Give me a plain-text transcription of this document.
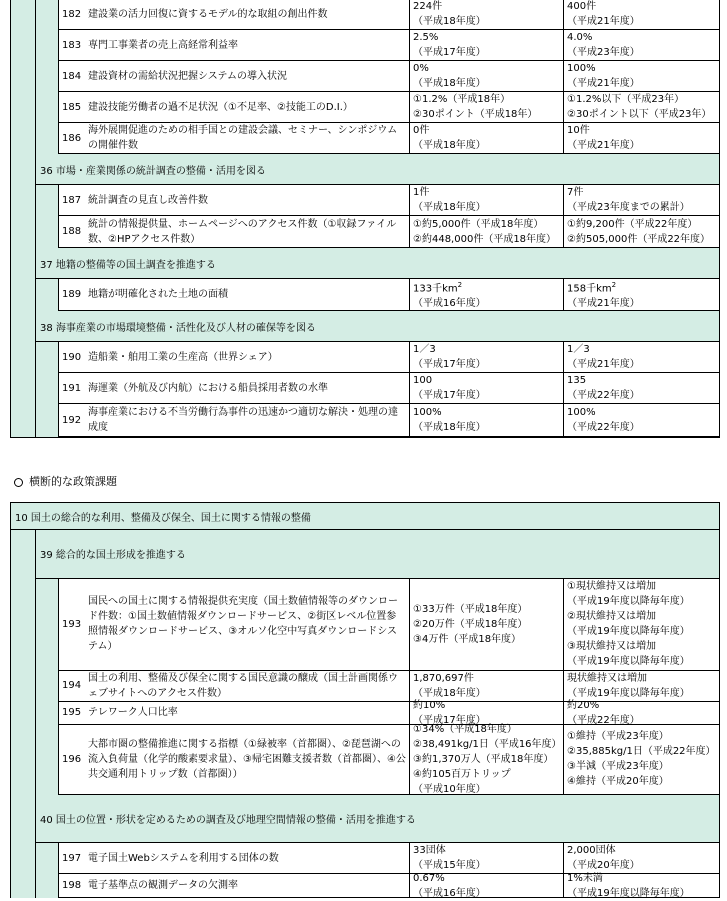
182 建設業の活力回復に資するモデル的な取組の創出件数
224件
（平成18年度）
400件
（平成21年度）
183 専門工事業者の売上高経常利益率
2.5%
（平成17年度）
4.0%
（平成23年度）
184 建設資材の需給状況把握システムの導入状況
0%
（平成18年度）
100%
（平成21年度）
185 建設技能労働者の過不足状況（①不足率、②技能工のD.I.）
①1.2%（平成18年）
②30ポイント（平成18年）
①1.2%以下（平成23年）
②30ポイント以下（平成23年）
186
海外展開促進のための相手国との建設会議、セミナー、シンポジウムの開催件数
0件
（平成18年度）
10件
（平成21年度）
36 市場・産業関係の統計調査の整備・活用を図る
187 統計調査の見直し改善件数
1件
（平成18年度）
7件
（平成23年度までの累計）
188
統計の情報提供量、ホームページへのアクセス件数（①収録ファイル数、②HPアクセス件数）
①約5,000件（平成18年度）
②約448,000件（平成18年度）
①約9,200件（平成22年度）
②約505,000件（平成22年度）
37 地籍の整備等の国土調査を推進する
189 地籍が明確化された土地の面積
133千$km^2$
（平成16年度）
158千$km^2$
（平成21年度）
38 海事産業の市場環境整備・活性化及び人材の確保等を図る
190 造船業・舶用工業の生産高（世界シェア）
1／3
（平成17年度）
1／3
（平成21年度）
191 海運業（外航及び内航）における船員採用者数の水準
100
（平成17年度）
135
（平成22年度）
192
海事産業における不当労働行為事件の迅速かつ適切な解決・処理の達成度
100%
（平成18年度）
100%
（平成22年度）
横断的な政策課題
10 国土の総合的な利用、整備及び保全、国土に関する情報の整備
39 総合的な国土形成を推進する
193
国民への国土に関する情報提供充実度（国土数値情報等のダウンロード件数：①国土数値情報ダウンロードサービス、②街区レベル位置参照情報ダウンロードサービス、③オルソ化空中写真ダウンロードシステム）
①33万件（平成18年度）
②20万件（平成18年度）
③4万件（平成18年度）
①現状維持又は増加
（平成19年度以降毎年度）
②現状維持又は増加
（平成19年度以降毎年度）
③現状維持又は増加
（平成19年度以降毎年度）
194
国土の利用、整備及び保全に関する国民意識の醸成（国土計画関係ウェブサイトへのアクセス件数）
1,870,697件
（平成18年度）
現状維持又は増加
（平成19年度以降毎年度）
195 テレワーク人口比率
約10%
（平成17年度）
約20%
（平成22年度）
196
大都市圏の整備推進に関する指標（①緑被率（首都圏）、②琵琶湖への流入負荷量（化学的酸素要求量）、③帰宅困難支援者数（首都圏）、④公共交通利用トリップ数（首都圏））
①34%（平成18年度）
②38,491kg/1日（平成16年度）
③約1,370万人（平成18年度）
④約105百万トリップ
（平成10年度）
①維持（平成23年度）
②35,885kg/1日（平成22年度）
③半減（平成23年度）
④維持（平成20年度）
40 国土の位置・形状を定めるための調査及び地理空間情報の整備・活用を推進する
197 電子国土Webシステムを利用する団体の数
33団体
（平成15年度）
2,000団体
（平成20年度）
198 電子基準点の観測データの欠測率
0.67%
（平成16年度）
1%未満
（平成19年度以降毎年度）
